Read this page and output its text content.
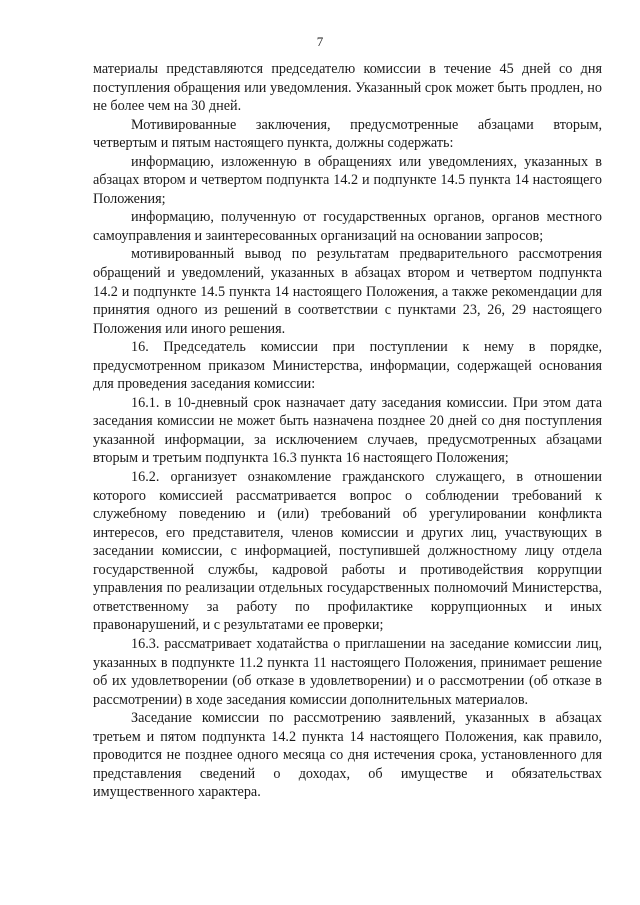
7

материалы представляются председателю комиссии в течение 45 дней со дня поступления обращения или уведомления. Указанный срок может быть продлен, но не более чем на 30 дней.

Мотивированные заключения, предусмотренные абзацами вторым, четвертым и пятым настоящего пункта, должны содержать:

информацию, изложенную в обращениях или уведомлениях, указанных в абзацах втором и четвертом подпункта 14.2 и подпункте 14.5 пункта 14 настоящего Положения;

информацию, полученную от государственных органов, органов местного самоуправления и заинтересованных организаций на основании запросов;

мотивированный вывод по результатам предварительного рассмотрения обращений и уведомлений, указанных в абзацах втором и четвертом подпункта 14.2 и подпункте 14.5 пункта 14 настоящего Положения, а также рекомендации для принятия одного из решений в соответствии с пунктами 23, 26, 29 настоящего Положения или иного решения.

16. Председатель комиссии при поступлении к нему в порядке, предусмотренном приказом Министерства, информации, содержащей основания для проведения заседания комиссии:

16.1. в 10-дневный срок назначает дату заседания комиссии. При этом дата заседания комиссии не может быть назначена позднее 20 дней со дня поступления указанной информации, за исключением случаев, предусмотренных абзацами вторым и третьим подпункта 16.3 пункта 16 настоящего Положения;

16.2. организует ознакомление гражданского служащего, в отношении которого комиссией рассматривается вопрос о соблюдении требований к служебному поведению и (или) требований об урегулировании конфликта интересов, его представителя, членов комиссии и других лиц, участвующих в заседании комиссии, с информацией, поступившей должностному лицу отдела государственной службы, кадровой работы и противодействия коррупции управления по реализации отдельных государственных полномочий Министерства, ответственному за работу по профилактике коррупционных и иных правонарушений, и с результатами ее проверки;

16.3. рассматривает ходатайства о приглашении на заседание комиссии лиц, указанных в подпункте 11.2 пункта 11 настоящего Положения, принимает решение об их удовлетворении (об отказе в удовлетворении) и о рассмотрении (об отказе в рассмотрении) в ходе заседания комиссии дополнительных материалов.

Заседание комиссии по рассмотрению заявлений, указанных в абзацах третьем и пятом подпункта 14.2 пункта 14 настоящего Положения, как правило, проводится не позднее одного месяца со дня истечения срока, установленного для представления сведений о доходах, об имуществе и обязательствах имущественного характера.
